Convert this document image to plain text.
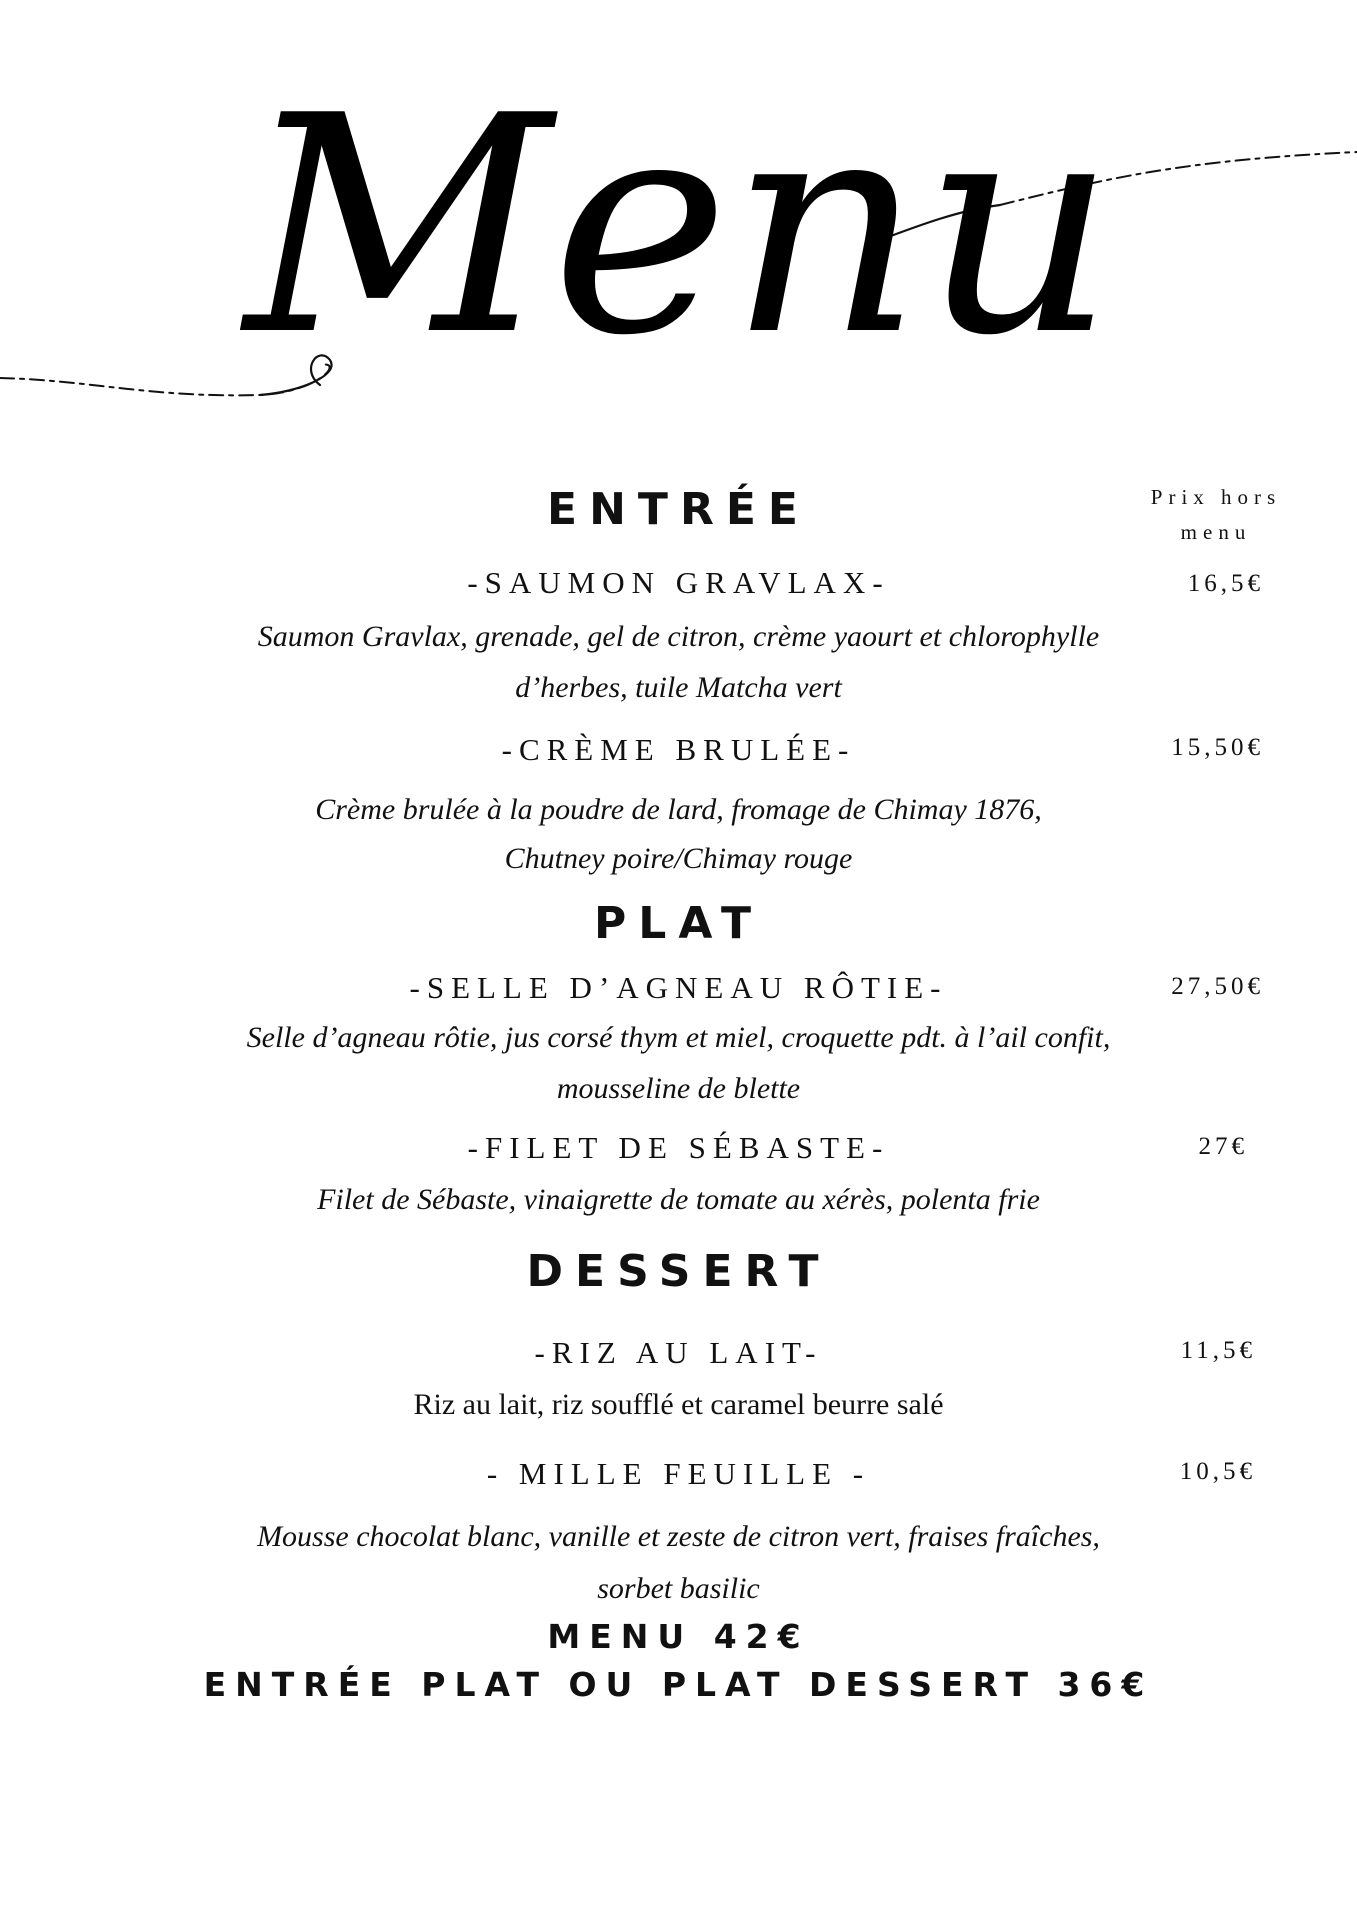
Menu
ENTRÉE	Prix hors
menu
-SAUMON GRAVLAX-	16,5€
Saumon Gravlax, grenade, gel de citron, crème yaourt et chlorophylle
d’herbes, tuile Matcha vert
-CRÈME BRULÉE-	15,50€
Crème brulée à la poudre de lard, fromage de Chimay 1876,
Chutney poire/Chimay rouge
PLAT
-SELLE D’AGNEAU RÔTIE-	27,50€
Selle d’agneau rôtie, jus corsé thym et miel, croquette pdt. à l’ail confit,
mousseline de blette
-FILET DE SÉBASTE-	27€
Filet de Sébaste, vinaigrette de tomate au xérès, polenta frie
DESSERT
-RIZ AU LAIT-	11,5€
Riz au lait, riz soufflé et caramel beurre salé
- MILLE FEUILLE -	10,5€
Mousse chocolat blanc, vanille et zeste de citron vert, fraises fraîches,
sorbet basilic
MENU 42€
ENTRÉE PLAT OU PLAT DESSERT 36€
